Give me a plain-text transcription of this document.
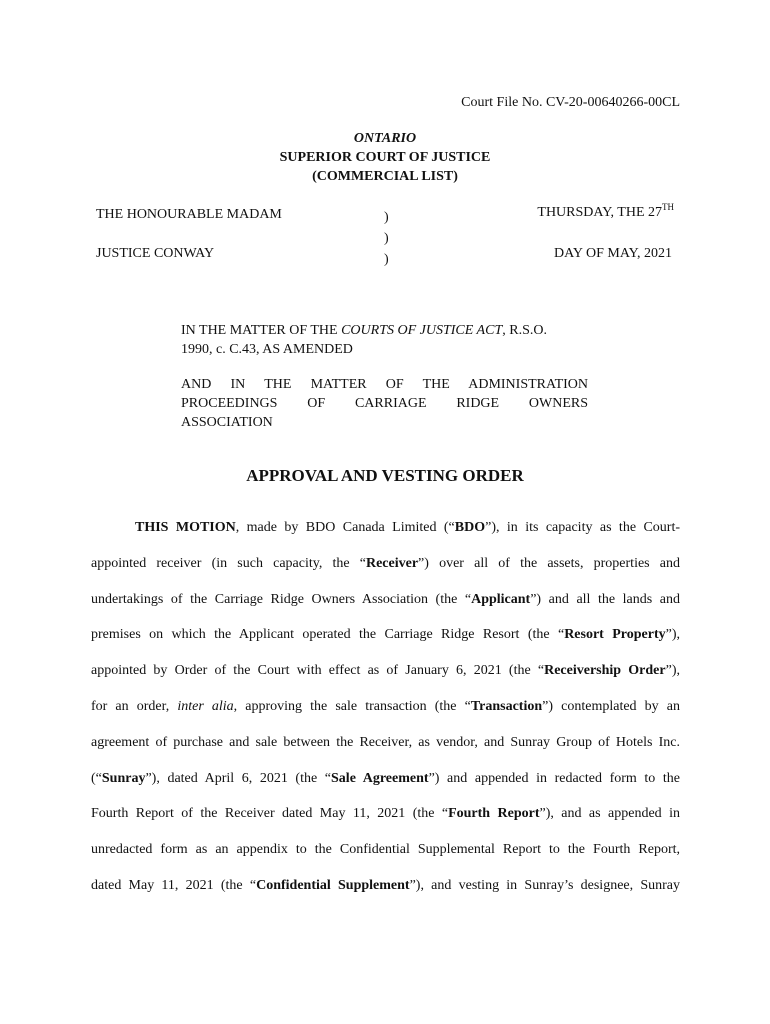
Court File No. CV-20-00640266-00CL
ONTARIO
SUPERIOR COURT OF JUSTICE
(COMMERCIAL LIST)
THE HONOURABLE MADAM
JUSTICE CONWAY
)
)
)
THURSDAY, THE 27TH
DAY OF MAY, 2021
IN THE MATTER OF THE COURTS OF JUSTICE ACT, R.S.O.
1990, c. C.43, AS AMENDED
AND IN THE MATTER OF THE ADMINISTRATION
PROCEEDINGS OF CARRIAGE RIDGE OWNERS
ASSOCIATION
APPROVAL AND VESTING ORDER
THIS MOTION, made by BDO Canada Limited (“BDO”), in its capacity as the Court-
appointed receiver (in such capacity, the “Receiver”) over all of the assets, properties and
undertakings of the Carriage Ridge Owners Association (the “Applicant”) and all the lands and
premises on which the Applicant operated the Carriage Ridge Resort (the “Resort Property”),
appointed by Order of the Court with effect as of January 6, 2021 (the “Receivership Order”),
for an order, inter alia, approving the sale transaction (the “Transaction”) contemplated by an
agreement of purchase and sale between the Receiver, as vendor, and Sunray Group of Hotels Inc.
(“Sunray”), dated April 6, 2021 (the “Sale Agreement”) and appended in redacted form to the
Fourth Report of the Receiver dated May 11, 2021 (the “Fourth Report”), and as appended in
unredacted form as an appendix to the Confidential Supplemental Report to the Fourth Report,
dated May 11, 2021 (the “Confidential Supplement”), and vesting in Sunray’s designee, Sunray
